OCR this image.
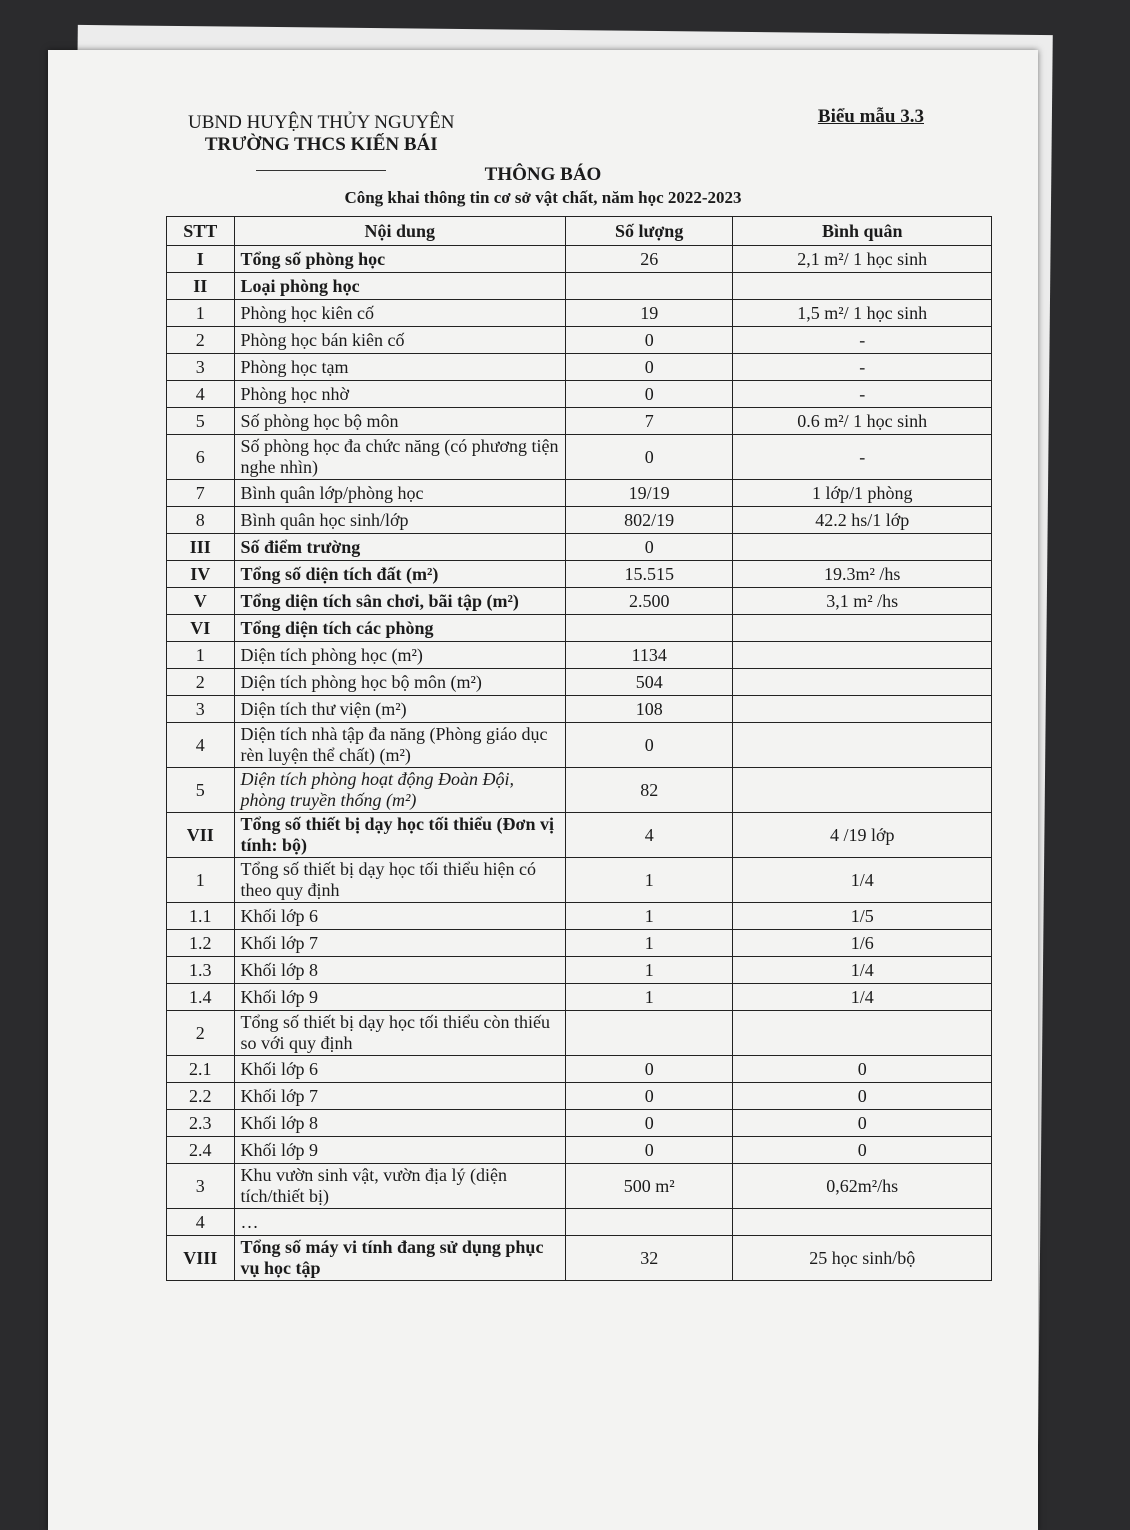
UBND HUYỆN THỦY NGUYÊN
TRƯỜNG THCS KIẾN BÁI
Biểu mẫu 3.3
THÔNG BÁO
Công khai thông tin cơ sở vật chất, năm học 2022-2023
STT	Nội dung	Số lượng	Bình quân
I	Tổng số phòng học	26	2,1 m²/ 1 học sinh
II	Loại phòng học		
1	Phòng học kiên cố	19	1,5 m²/ 1 học sinh
2	Phòng học bán kiên cố	0	-
3	Phòng học tạm	0	-
4	Phòng học nhờ	0	-
5	Số phòng học bộ môn	7	0.6 m²/ 1 học sinh
6	Số phòng học đa chức năng (có phương tiện nghe nhìn)	0	-
7	Bình quân lớp/phòng học	19/19	1 lớp/1 phòng
8	Bình quân học sinh/lớp	802/19	42.2 hs/1 lớp
III	Số điểm trường	0	
IV	Tổng số diện tích đất (m²)	15.515	19.3m² /hs
V	Tổng diện tích sân chơi, bãi tập (m²)	2.500	3,1 m² /hs
VI	Tổng diện tích các phòng		
1	Diện tích phòng học (m²)	1134	
2	Diện tích phòng học bộ môn (m²)	504	
3	Diện tích thư viện (m²)	108	
4	Diện tích nhà tập đa năng (Phòng giáo dục rèn luyện thể chất) (m²)	0	
5	Diện tích phòng hoạt động Đoàn Đội, phòng truyền thống (m²)	82	
VII	Tổng số thiết bị dạy học tối thiểu (Đơn vị tính: bộ)	4	4 /19 lớp
1	Tổng số thiết bị dạy học tối thiểu hiện có theo quy định	1	1/4
1.1	Khối lớp 6	1	1/5
1.2	Khối lớp 7	1	1/6
1.3	Khối lớp 8	1	1/4
1.4	Khối lớp 9	1	1/4
2	Tổng số thiết bị dạy học tối thiểu còn thiếu so với quy định		
2.1	Khối lớp 6	0	0
2.2	Khối lớp 7	0	0
2.3	Khối lớp 8	0	0
2.4	Khối lớp 9	0	0
3	Khu vườn sinh vật, vườn địa lý (diện tích/thiết bị)	500 m²	0,62m²/hs
4	…		
VIII	Tổng số máy vi tính đang sử dụng phục vụ học tập	32	25 học sinh/bộ
